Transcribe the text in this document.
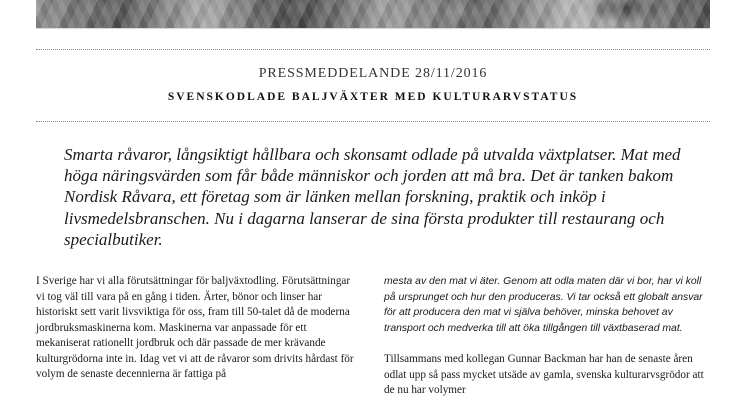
PRESSMEDDELANDE 28/11/2016
SVENSKODLADE BALJVÄXTER MED KULTURARVSTATUS

Smarta råvaror, långsiktigt hållbara och skonsamt odlade på utvalda växtplatser. Mat med höga näringsvärden som får både människor och jorden att må bra. Det är tanken bakom Nordisk Råvara, ett företag som är länken mellan forskning, praktik och inköp i livsmedelsbranschen. Nu i dagarna lanserar de sina första produkter till restaurang och specialbutiker.

I Sverige har vi alla förutsättningar för baljväxtodling. Förutsättningar vi tog väl till vara på en gång i tiden. Ärter, bönor och linser har historiskt sett varit livsviktiga för oss, fram till 50-talet då de moderna jordbruksmaskinerna kom. Maskinerna var anpassade för ett mekaniserat rationellt jordbruk och där passade de mer krävande kulturgrödorna inte in. Idag vet vi att de råvaror som drivits hårdast för volym de senaste decennierna är fattiga på

mesta av den mat vi äter. Genom att odla maten där vi bor, har vi koll på ursprunget och hur den produceras. Vi tar också ett globalt ansvar för att producera den mat vi själva behöver, minska behovet av transport och medverka till att öka tillgången till växtbaserad mat.

Tillsammans med kollegan Gunnar Backman har han de senaste åren odlat upp så pass mycket utsäde av gamla, svenska kulturarvsgrödor att de nu har volymer
